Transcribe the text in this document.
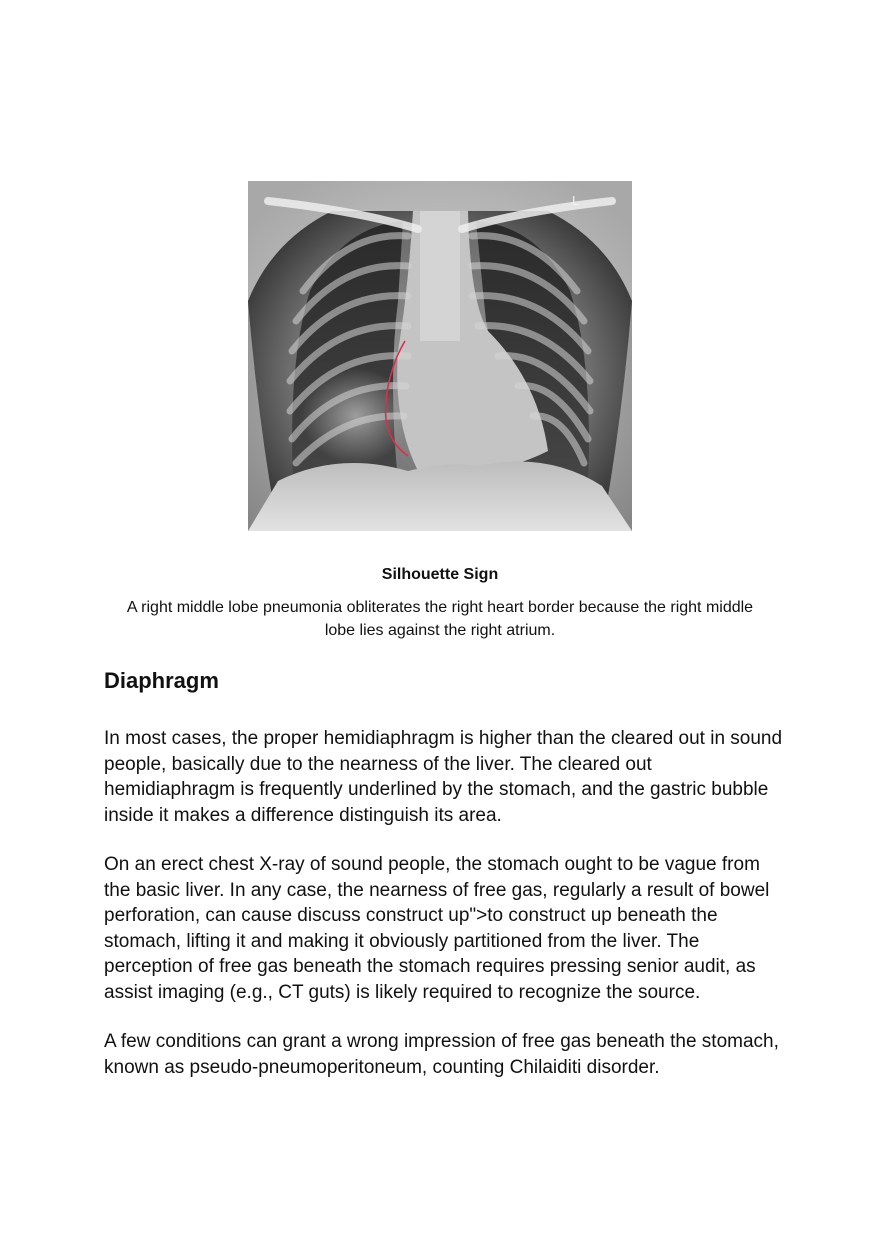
L
Silhouette Sign
A right middle lobe pneumonia obliterates the right heart border because the right middle lobe lies against the right atrium.
Diaphragm

In most cases, the proper hemidiaphragm is higher than the cleared out in sound people, basically due to the nearness of the liver. The cleared out hemidiaphragm is frequently underlined by the stomach, and the gastric bubble inside it makes a difference distinguish its area.

On an erect chest X-ray of sound people, the stomach ought to be vague from the basic liver. In any case, the nearness of free gas, regularly a result of bowel perforation, can cause discuss construct up">to construct up beneath the stomach, lifting it and making it obviously partitioned from the liver. The perception of free gas beneath the stomach requires pressing senior audit, as assist imaging (e.g., CT guts) is likely required to recognize the source.

A few conditions can grant a wrong impression of free gas beneath the stomach, known as pseudo-pneumoperitoneum, counting Chilaiditi disorder.
